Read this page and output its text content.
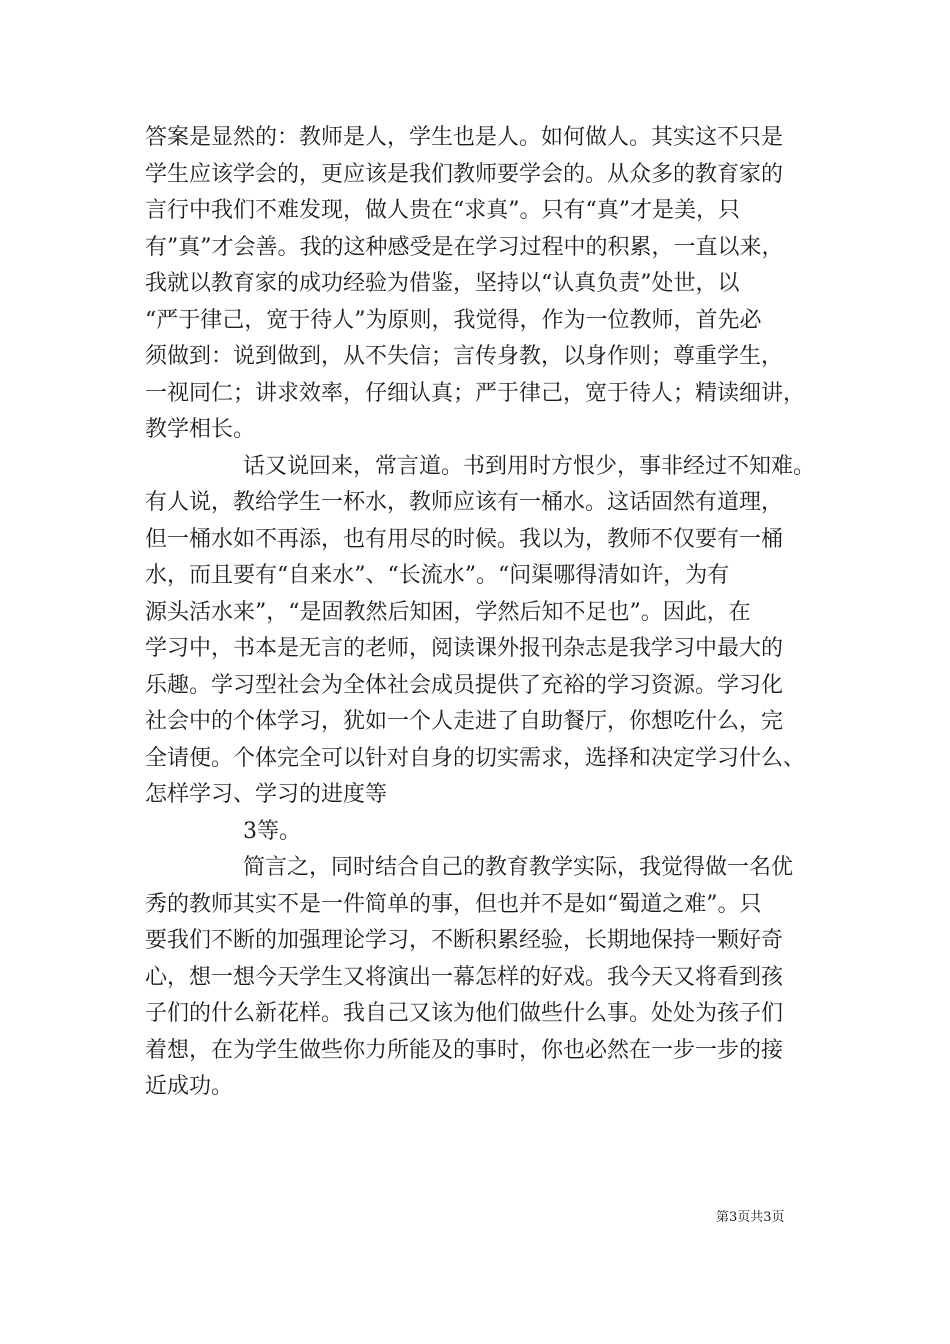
答案是显然的：教师是人，学生也是人。如何做人。其实这不只是
学生应该学会的，更应该是我们教师要学会的。从众多的教育家的
言行中我们不难发现，做人贵在“求真”。只有“真”才是美，只
有”真”才会善。我的这种感受是在学习过程中的积累，一直以来，
我就以教育家的成功经验为借鉴，坚持以“认真负责”处世，以
“严于律己，宽于待人”为原则，我觉得，作为一位教师，首先必
须做到：说到做到，从不失信；言传身教，以身作则；尊重学生，
一视同仁；讲求效率，仔细认真；严于律己，宽于待人；精读细讲，
教学相长。
话又说回来，常言道。书到用时方恨少，事非经过不知难。
有人说，教给学生一杯水，教师应该有一桶水。这话固然有道理，
但一桶水如不再添，也有用尽的时候。我以为，教师不仅要有一桶
水，而且要有“自来水”、“长流水”。“问渠哪得清如许，为有
源头活水来”，“是固教然后知困，学然后知不足也”。因此，在
学习中，书本是无言的老师，阅读课外报刊杂志是我学习中最大的
乐趣。学习型社会为全体社会成员提供了充裕的学习资源。学习化
社会中的个体学习，犹如一个人走进了自助餐厅，你想吃什么，完
全请便。个体完全可以针对自身的切实需求，选择和决定学习什么、
怎样学习、学习的进度等
3等。
简言之，同时结合自己的教育教学实际，我觉得做一名优
秀的教师其实不是一件简单的事，但也并不是如“蜀道之难”。只
要我们不断的加强理论学习，不断积累经验，长期地保持一颗好奇
心，想一想今天学生又将演出一幕怎样的好戏。我今天又将看到孩
子们的什么新花样。我自己又该为他们做些什么事。处处为孩子们
着想，在为学生做些你力所能及的事时，你也必然在一步一步的接
近成功。
第3页共3页
